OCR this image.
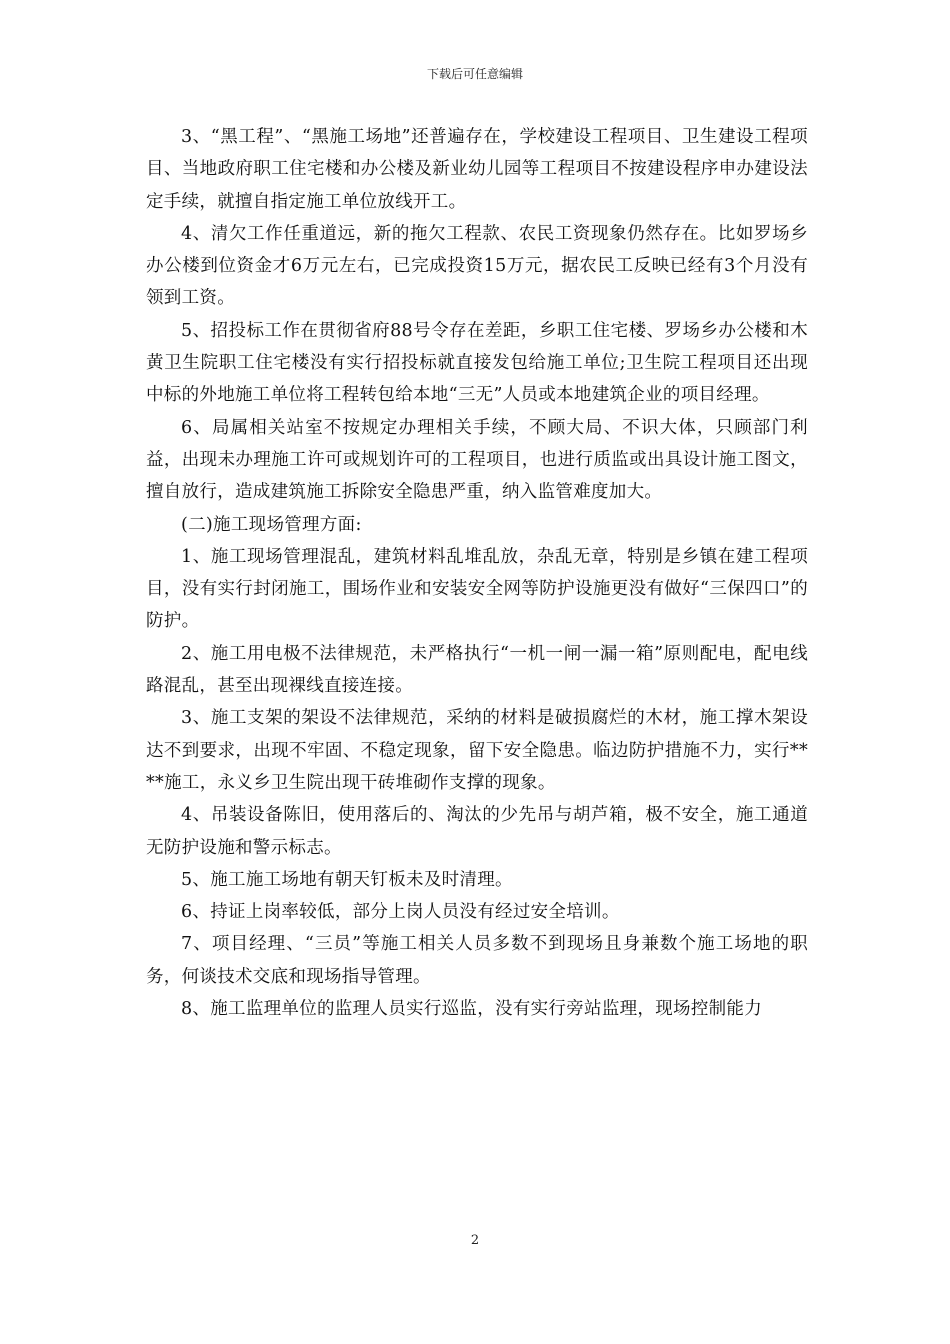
下载后可任意编辑

3、“黑工程”、“黑施工场地”还普遍存在，学校建设工程项目、卫生建设工程项目、当地政府职工住宅楼和办公楼及新业幼儿园等工程项目不按建设程序申办建设法定手续，就擅自指定施工单位放线开工。

4、清欠工作任重道远，新的拖欠工程款、农民工资现象仍然存在。比如罗场乡办公楼到位资金才6万元左右，已完成投资15万元，据农民工反映已经有3个月没有领到工资。

5、招投标工作在贯彻省府88号令存在差距，乡职工住宅楼、罗场乡办公楼和木黄卫生院职工住宅楼没有实行招投标就直接发包给施工单位;卫生院工程项目还出现中标的外地施工单位将工程转包给本地“三无”人员或本地建筑企业的项目经理。

6、局属相关站室不按规定办理相关手续，不顾大局、不识大体，只顾部门利益，出现未办理施工许可或规划许可的工程项目，也进行质监或出具设计施工图文，擅自放行，造成建筑施工拆除安全隐患严重，纳入监管难度加大。

(二)施工现场管理方面:

1、施工现场管理混乱，建筑材料乱堆乱放，杂乱无章，特别是乡镇在建工程项目，没有实行封闭施工，围场作业和安装安全网等防护设施更没有做好“三保四口”的防护。

2、施工用电极不法律规范，未严格执行“一机一闸一漏一箱”原则配电，配电线路混乱，甚至出现裸线直接连接。

3、施工支架的架设不法律规范，采纳的材料是破损腐烂的木材，施工撑木架设达不到要求，出现不牢固、不稳定现象，留下安全隐患。临边防护措施不力，实行****施工，永义乡卫生院出现干砖堆砌作支撑的现象。

4、吊装设备陈旧，使用落后的、淘汰的少先吊与胡芦箱，极不安全，施工通道无防护设施和警示标志。

5、施工施工场地有朝天钉板未及时清理。

6、持证上岗率较低，部分上岗人员没有经过安全培训。

7、项目经理、“三员”等施工相关人员多数不到现场且身兼数个施工场地的职务，何谈技术交底和现场指导管理。

8、施工监理单位的监理人员实行巡监，没有实行旁站监理，现场控制能力

2
